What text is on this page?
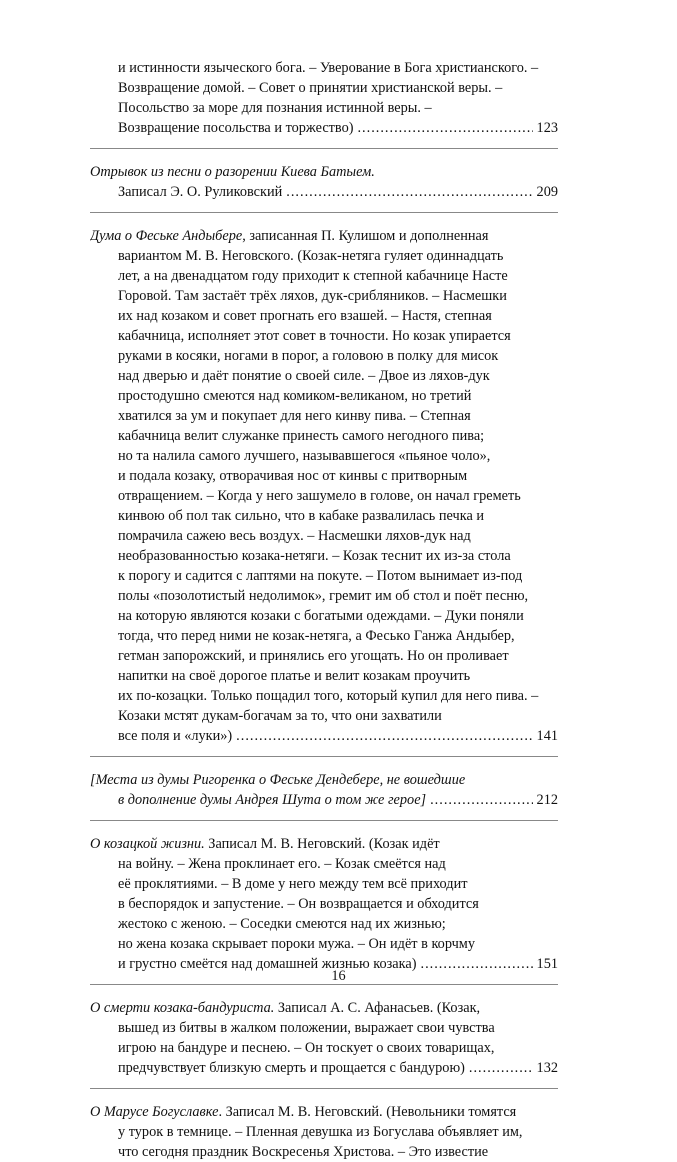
и истинности языческого бога. – Уверование в Бога христианского. –
Возвращение домой. – Совет о принятии христианской веры. –
Посольство за море для познания истинной веры. –
Возвращение посольства и торжество) .....	123
Отрывок из песни о разорении Киева Батыем.
Записал Э. О. Руликовский .....	209
Дума о Феське Андыбере, записанная П. Кулишом и дополненная
вариантом М. В. Неговского. (Козак-нетяга гуляет одиннадцать
лет, а на двенадцатом году приходит к степной кабачнице Насте
Горовой. Там застаёт трёх ляхов, дук-срибляников. – Насмешки
их над козаком и совет прогнать его взашей. – Настя, степная
кабачница, исполняет этот совет в точности. Но козак упирается
руками в косяки, ногами в порог, а головою в полку для мисок
над дверью и даёт понятие о своей силе. – Двое из ляхов-дук
простодушно смеются над комиком-великаном, но третий
хватился за ум и покупает для него кинву пива. – Степная
кабачница велит служанке принесть самого негодного пива;
но та налила самого лучшего, называвшегося «пьяное чоло»,
и подала козаку, отворачивая нос от кинвы с притворным
отвращением. – Когда у него зашумело в голове, он начал греметь
кинвою об пол так сильно, что в кабаке развалилась печка и
помрачила сажею весь воздух. – Насмешки ляхов-дук над
необразованностью козака-нетяги. – Козак теснит их из-за стола
к порогу и садится с лаптями на покуте. – Потом вынимает из-под
полы «позолотистый недолимок», гремит им об стол и поёт песню,
на которую являются козаки с богатыми одеждами. – Дуки поняли
тогда, что перед ними не козак-нетяга, а Феськo Ганжа Андыбер,
гетман запорожский, и принялись его угощать. Но он проливает
напитки на своё дорогое платье и велит козакам проучить
их по-козацки. Только пощадил того, который купил для него пива. –
Козаки мстят дукам-богачам за то, что они захватили
все поля и «луки») .....	141
[Места из думы Ригоренка о Феське Дендебере, не вошедшие
в дополнение думы Андрея Шута о том же герое] .....	212
О козацкой жизни. Записал М. В. Неговский. (Козак идёт
на войну. – Жена проклинает его. – Козак смеётся над
её проклятиями. – В доме у него между тем всё приходит
в беспорядок и запустение. – Он возвращается и обходится
жестоко с женою. – Соседки смеются над их жизнью;
но жена козака скрывает пороки мужа. – Он идёт в корчму
и грустно смеётся над домашней жизнью козака) .....	151
О смерти козака-бандуриста. Записал А. С. Афанасьев. (Козак,
вышед из битвы в жалком положении, выражает свои чувства
игрою на бандуре и песнею. – Он тоскует о своих товарищах,
предчувствует близкую смерть и прощается с бандурою) .....	132
О Марусе Богуславке. Записал М. В. Неговский. (Невольники томятся
у турок в темнице. – Пленная девушка из Богуслава объявляет им,
что сегодня праздник Воскресенья Христова. – Это известие
16
